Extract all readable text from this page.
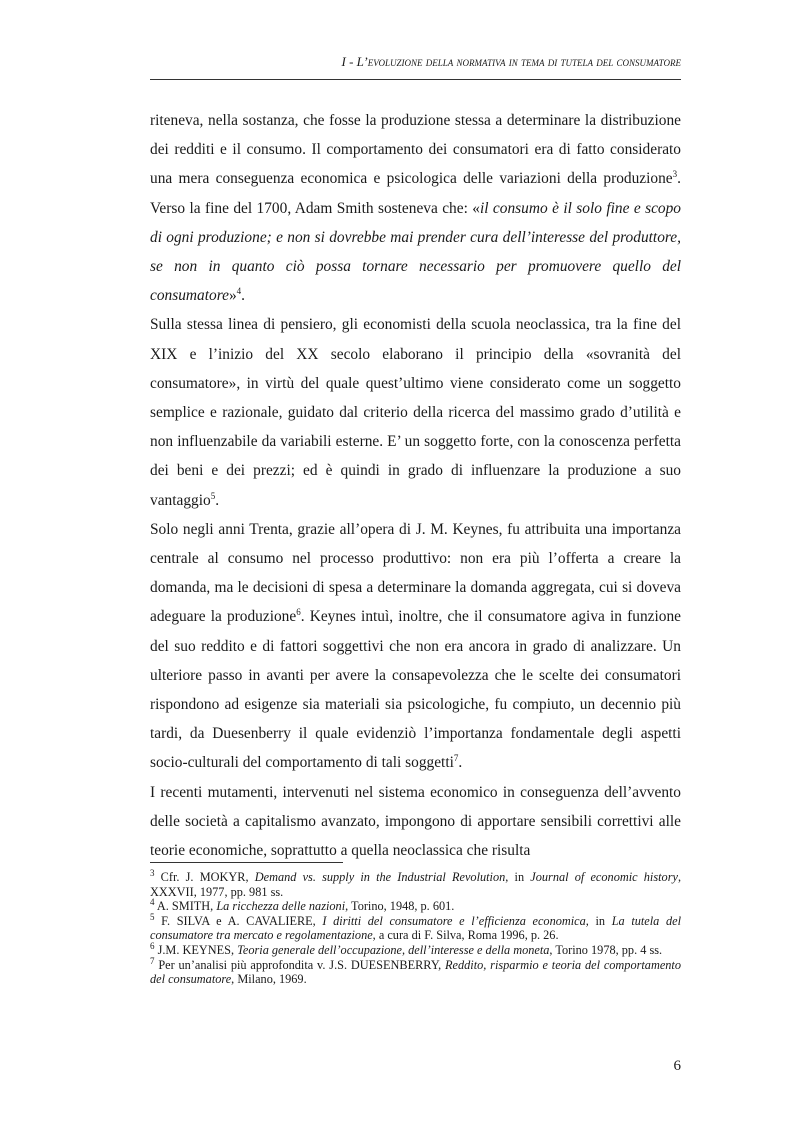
I - L’evoluzione della normativa in tema di tutela del consumatore

riteneva, nella sostanza, che fosse la produzione stessa a determinare la distribuzione dei redditi e il consumo. Il comportamento dei consumatori era di fatto considerato una mera conseguenza economica e psicologica delle variazioni della produzione$^3$. Verso la fine del 1700, Adam Smith sosteneva che: «il consumo è il solo fine e scopo di ogni produzione; e non si dovrebbe mai prender cura dell’interesse del produttore, se non in quanto ciò possa tornare necessario per promuovere quello del consumatore»$^4$.

Sulla stessa linea di pensiero, gli economisti della scuola neoclassica, tra la fine del XIX e l’inizio del XX secolo elaborano il principio della «sovranità del consumatore», in virtù del quale quest’ultimo viene considerato come un soggetto semplice e razionale, guidato dal criterio della ricerca del massimo grado d’utilità e non influenzabile da variabili esterne. E’ un soggetto forte, con la conoscenza perfetta dei beni e dei prezzi; ed è quindi in grado di influenzare la produzione a suo vantaggio$^5$.

Solo negli anni Trenta, grazie all’opera di J. M. Keynes, fu attribuita una importanza centrale al consumo nel processo produttivo: non era più l’offerta a creare la domanda, ma le decisioni di spesa a determinare la domanda aggregata, cui si doveva adeguare la produzione$^6$. Keynes intuì, inoltre, che il consumatore agiva in funzione del suo reddito e di fattori soggettivi che non era ancora in grado di analizzare. Un ulteriore passo in avanti per avere la consapevolezza che le scelte dei consumatori rispondono ad esigenze sia materiali sia psicologiche, fu compiuto, un decennio più tardi, da Duesenberry il quale evidenziò l’importanza fondamentale degli aspetti socio-culturali del comportamento di tali soggetti$^7$.

I recenti mutamenti, intervenuti nel sistema economico in conseguenza dell’avvento delle società a capitalismo avanzato, impongono di apportare sensibili correttivi alle teorie economiche, soprattutto a quella neoclassica che risulta

$^3$ Cfr. J. MOKYR, Demand vs. supply in the Industrial Revolution, in Journal of economic history, XXXVII, 1977, pp. 981 ss.

$^4$ A. SMITH, La ricchezza delle nazioni, Torino, 1948, p. 601.

$^5$ F. SILVA e A. CAVALIERE, I diritti del consumatore e l’efficienza economica, in La tutela del consumatore tra mercato e regolamentazione, a cura di F. Silva, Roma 1996, p. 26.

$^6$ J.M. KEYNES, Teoria generale dell’occupazione, dell’interesse e della moneta, Torino 1978, pp. 4 ss.

$^7$ Per un’analisi più approfondita v. J.S. DUESENBERRY, Reddito, risparmio e teoria del comportamento del consumatore, Milano, 1969.

6
